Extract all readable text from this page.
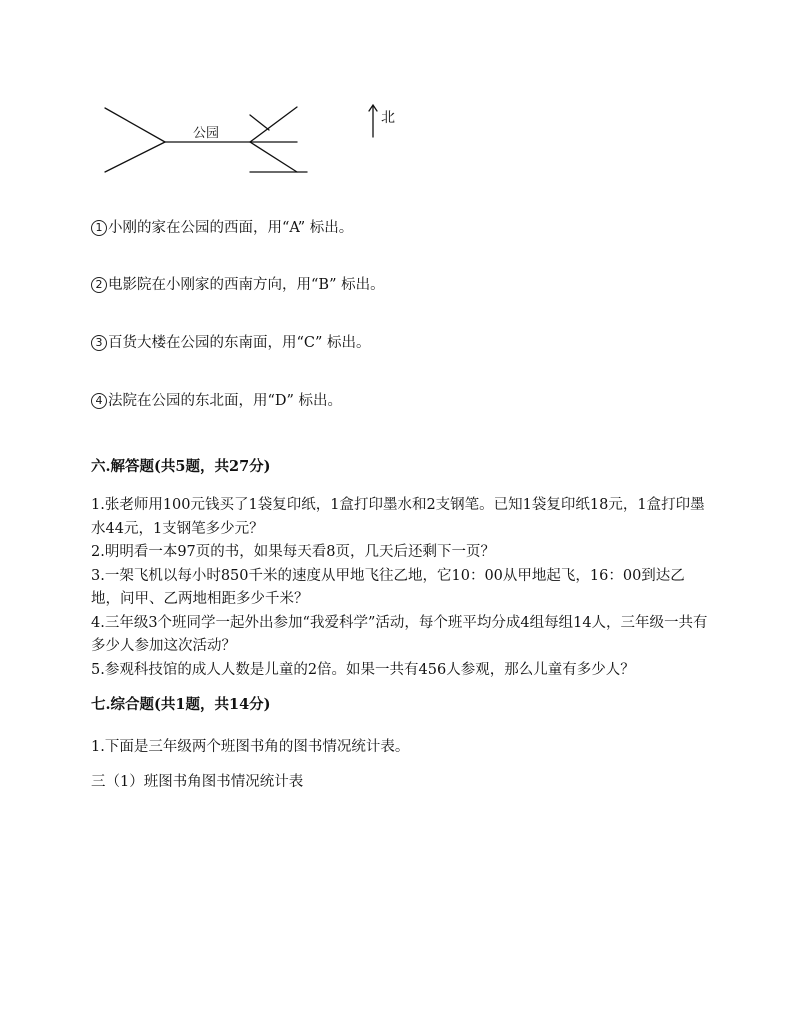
公园
北
1 小刚的家在公园的西面，用“A” 标出。
2 电影院在小刚家的西南方向，用“B” 标出。
3 百货大楼在公园的东南面，用“C” 标出。
4 法院在公园的东北面，用“D” 标出。
六.解答题(共5题，共27分)

1.张老师用100元钱买了1袋复印纸，1盒打印墨水和2支钢笔。已知1袋复印纸18元，1盒打印墨水44元，1支钢笔多少元？

2.明明看一本97页的书，如果每天看8页，几天后还剩下一页？

3.一架飞机以每小时850千米的速度从甲地飞往乙地，它10：00从甲地起飞，16：00到达乙地，问甲、乙两地相距多少千米？

4.三年级3个班同学一起外出参加“我爱科学”活动，每个班平均分成4组每组14人，三年级一共有多少人参加这次活动？

5.参观科技馆的成人人数是儿童的2倍。如果一共有456人参观，那么儿童有多少人？

七.综合题(共1题，共14分)
1.下面是三年级两个班图书角的图书情况统计表。
三（1）班图书角图书情况统计表
